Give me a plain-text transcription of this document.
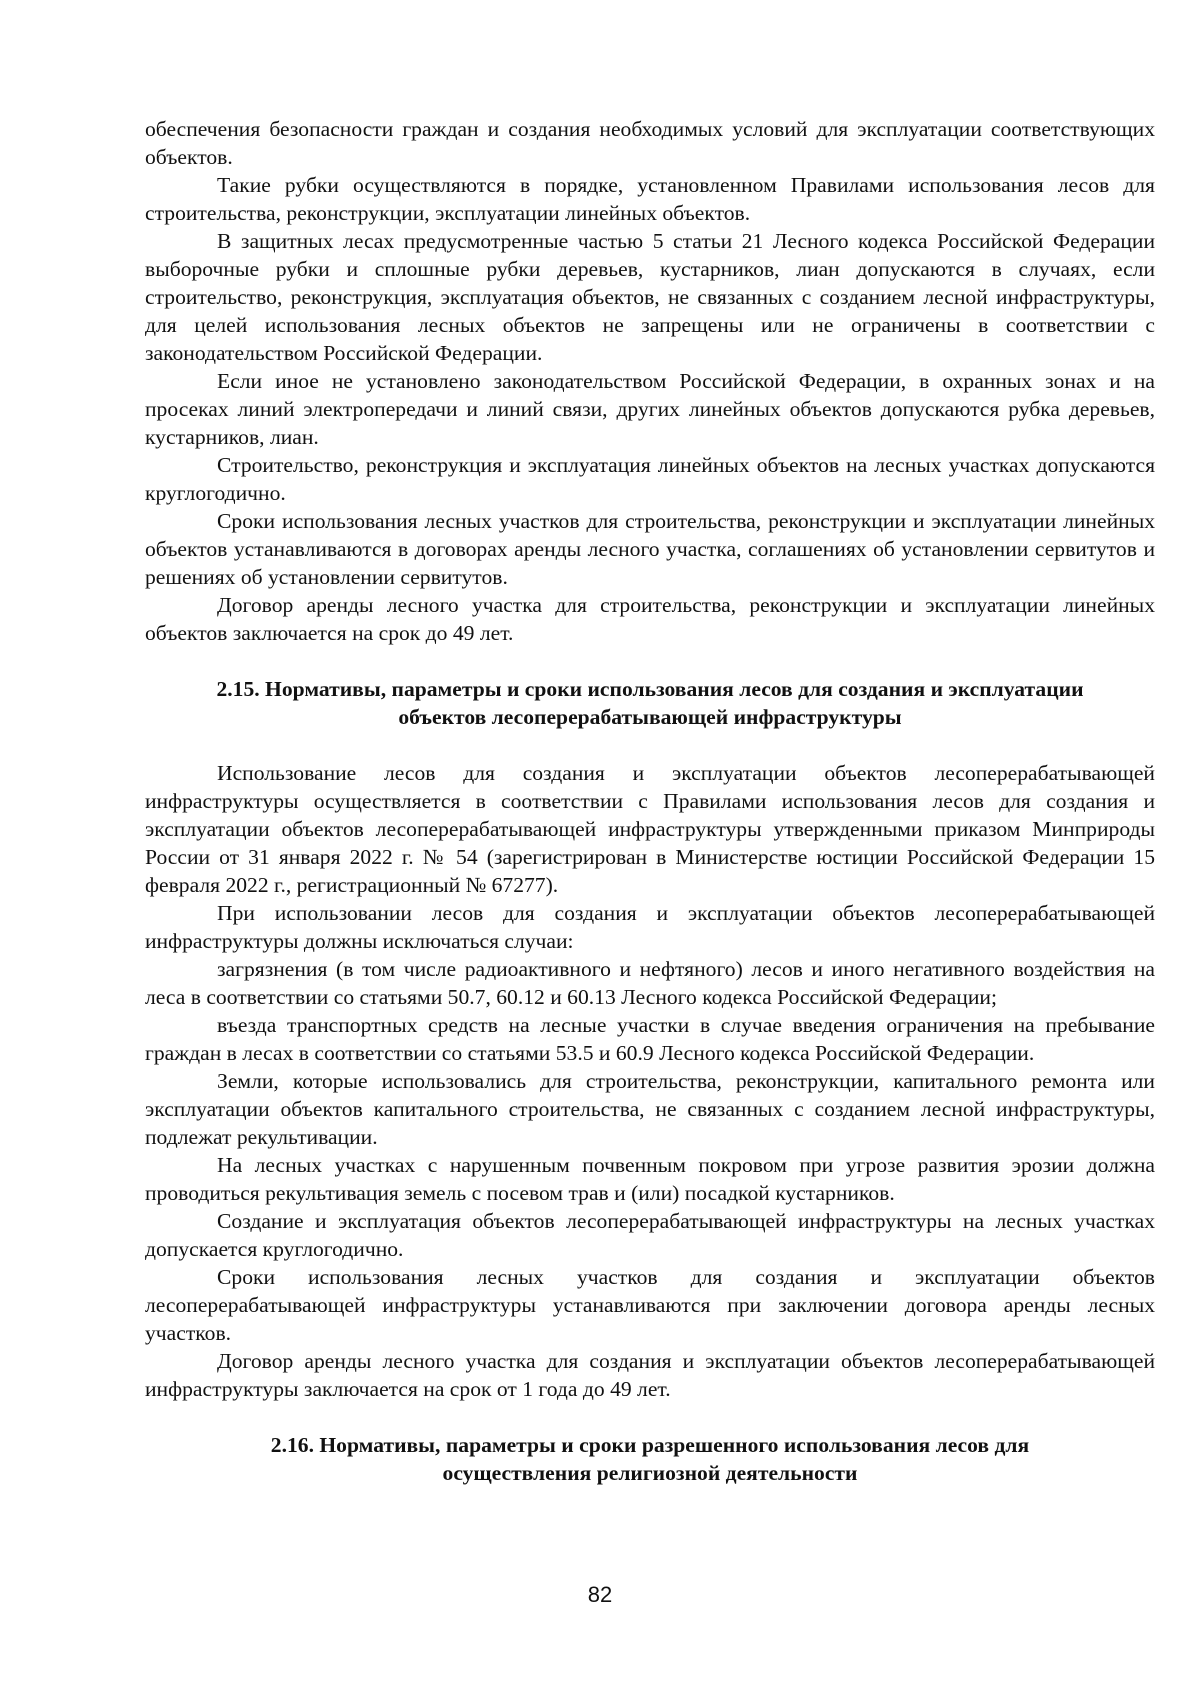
обеспечения безопасности граждан и создания необходимых условий для эксплуатации соответствующих объектов.

Такие рубки осуществляются в порядке, установленном Правилами использования лесов для строительства, реконструкции, эксплуатации линейных объектов.

В защитных лесах предусмотренные частью 5 статьи 21 Лесного кодекса Российской Федерации выборочные рубки и сплошные рубки деревьев, кустарников, лиан допускаются в случаях, если строительство, реконструкция, эксплуатация объектов, не связанных с созданием лесной инфраструктуры, для целей использования лесных объектов не запрещены или не ограничены в соответствии с законодательством Российской Федерации.

Если иное не установлено законодательством Российской Федерации, в охранных зонах и на просеках линий электропередачи и линий связи, других линейных объектов допускаются рубка деревьев, кустарников, лиан.

Строительство, реконструкция и эксплуатация линейных объектов на лесных участках допускаются круглогодично.

Сроки использования лесных участков для строительства, реконструкции и эксплуатации линейных объектов устанавливаются в договорах аренды лесного участка, соглашениях об установлении сервитутов и решениях об установлении сервитутов.

Договор аренды лесного участка для строительства, реконструкции и эксплуатации линейных объектов заключается на срок до 49 лет.

2.15. Нормативы, параметры и сроки использования лесов для создания и эксплуатации объектов лесоперерабатывающей инфраструктуры

Использование лесов для создания и эксплуатации объектов лесоперерабатывающей инфраструктуры осуществляется в соответствии с Правилами использования лесов для создания и эксплуатации объектов лесоперерабатывающей инфраструктуры утвержденными приказом Минприроды России от 31 января 2022 г. № 54 (зарегистрирован в Министерстве юстиции Российской Федерации 15 февраля 2022 г., регистрационный № 67277).

При использовании лесов для создания и эксплуатации объектов лесоперерабатывающей инфраструктуры должны исключаться случаи:

загрязнения (в том числе радиоактивного и нефтяного) лесов и иного негативного воздействия на леса в соответствии со статьями 50.7, 60.12 и 60.13 Лесного кодекса Российской Федерации;

въезда транспортных средств на лесные участки в случае введения ограничения на пребывание граждан в лесах в соответствии со статьями 53.5 и 60.9 Лесного кодекса Российской Федерации.

Земли, которые использовались для строительства, реконструкции, капитального ремонта или эксплуатации объектов капитального строительства, не связанных с созданием лесной инфраструктуры, подлежат рекультивации.

На лесных участках с нарушенным почвенным покровом при угрозе развития эрозии должна проводиться рекультивация земель с посевом трав и (или) посадкой кустарников.

Создание и эксплуатация объектов лесоперерабатывающей инфраструктуры на лесных участках допускается круглогодично.

Сроки использования лесных участков для создания и эксплуатации объектов лесоперерабатывающей инфраструктуры устанавливаются при заключении договора аренды лесных участков.

Договор аренды лесного участка для создания и эксплуатации объектов лесоперерабатывающей инфраструктуры заключается на срок от 1 года до 49 лет.

2.16. Нормативы, параметры и сроки разрешенного использования лесов для осуществления религиозной деятельности

82
